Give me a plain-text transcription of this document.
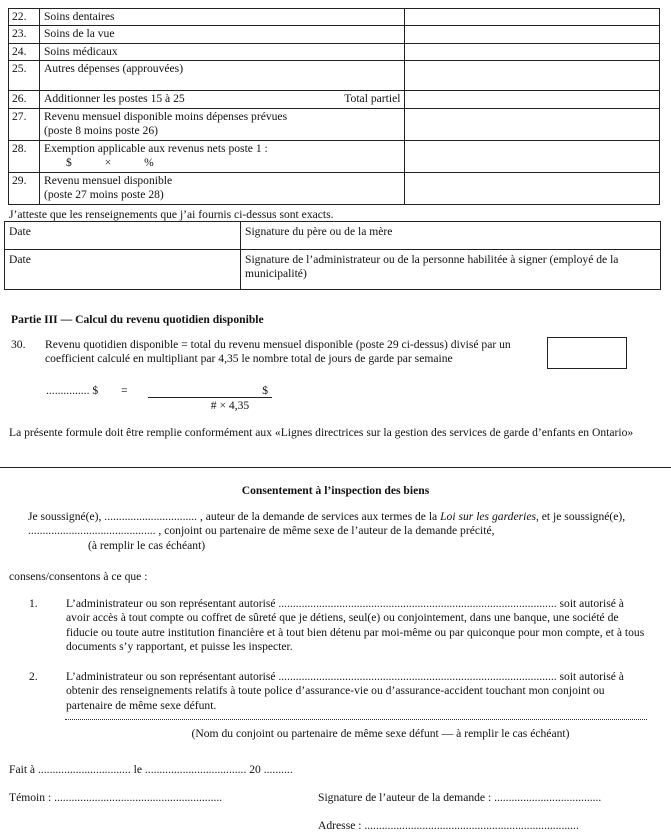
22.	Soins dentaires	
23.	Soins de la vue	
24.	Soins médicaux	
25.	Autres dépenses (approuvées)	
26.	Additionner les postes 15 à 25 Total partiel	

27.	Revenu mensuel disponible moins dépenses prévues
(poste 8 moins poste 26)	

28.	Exemption applicable aux revenus nets poste 1 :
$ × %	

29.	Revenu mensuel disponible
(poste 27 moins poste 28)	

J’atteste que les renseignements que j’ai fournis ci-dessus sont exacts.
Date	Signature du père ou de la mère
Date	Signature de l’administrateur ou de la personne habilitée à signer (employé de la municipalité)
Partie III — Calcul du revenu quotidien disponible
30. Revenu quotidien disponible = total du revenu mensuel disponible (poste 29 ci-dessus) divisé par un coefficient calculé en multipliant par 4,35 le nombre total de jours de garde par semaine
............... $ =	$
# × 4,35
La présente formule doit être remplie conformément aux «Lignes directrices sur la gestion des services de garde d’enfants en Ontario»
Consentement à l’inspection des biens
Je soussigné(e), ................................ , auteur de la demande de services aux termes de la Loi sur les garderies, et je soussigné(e), ............................................ , conjoint ou partenaire de même sexe de l’auteur de la demande précité,
(à remplir le cas échéant)
consens/consentons à ce que :
1. L’administrateur ou son représentant autorisé ................................................................................................ soit autorisé à avoir accès à tout compte ou coffret de sûreté que je détiens, seul(e) ou conjointement, dans une banque, une société de fiducie ou toute autre institution financière et à tout bien détenu par moi-même ou par quiconque pour mon compte, et à tous documents s’y rapportant, et puisse les inspecter.
2. L’administrateur ou son représentant autorisé ................................................................................................ soit autorisé à obtenir des renseignements relatifs à toute police d’assurance-vie ou d’assurance-accident touchant mon conjoint ou partenaire de même sexe défunt.
(Nom du conjoint ou partenaire de même sexe défunt — à remplir le cas échéant)
Fait à ................................ le ................................... 20 ..........
Témoin : ..........................................................	Signature de l’auteur de la demande : .....................................
Adresse : ..........................................................................
